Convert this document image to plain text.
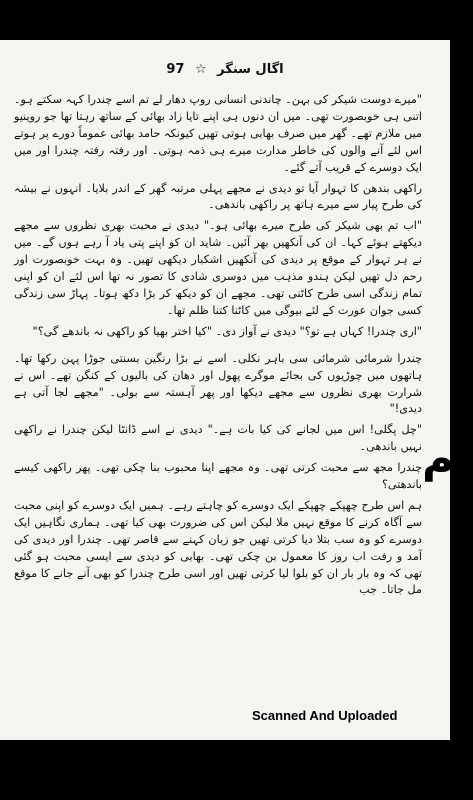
97 ☆ اگال سنگر

"میرے دوست شیکر کی بہن۔ چاندنی انسانی روپ دھار لے تم اسے چندرا کہہ سکتے ہو۔ اتنی ہی خوبصورت تھی۔ میں ان دنوں ہی اپنے تایا زاد بھائی کے ساتھ رہتا تھا جو روینیو میں ملازم تھے۔ گھر میں صرف بھابی ہوتی تھیں کیونکہ حامد بھائی عموماً دورے پر ہوتے اس لئے آنے والوں کی خاطر مدارت میرے ہی ذمہ ہوتی۔ اور رفتہ رفتہ چندرا اور میں ایک دوسرے کے قریب آتے گئے۔

راکھی بندھن کا تہوار آیا تو دیدی نے مجھے پہلی مرتبہ گھر کے اندر بلایا۔ انہوں نے بیشہ کی طرح پیار سے میرے ہاتھ پر راکھی باندھی۔

"اب تم بھی شیکر کی طرح میرے بھائی ہو۔" دیدی نے محبت بھری نظروں سے مجھے دیکھتے ہوئے کہا۔ ان کی آنکھیں بھر آئیں۔ شاید ان کو اپنے پتی یاد آ رہے ہوں گے۔ میں نے ہر تہوار کے موقع پر دیدی کی آنکھیں اشکبار دیکھی تھیں۔ وہ بہت خوبصورت اور رحم دل تھیں لیکن ہندو مذہب میں دوسری شادی کا تصور نہ تھا اس لئے ان کو اپنی تمام زندگی اسی طرح کاٹنی تھی۔ مجھے ان کو دیکھ کر بڑا دکھ ہوتا۔ پہاڑ سی زندگی کسی جوان عورت کے لئے بیوگی میں کاٹنا کتنا ظلم تھا۔

"اری چندرا! کہاں ہے تو؟" دیدی نے آواز دی۔ "کیا اختر بھیا کو راکھی نہ باندھے گی؟"

چندرا شرمائی شرمائی سی باہر نکلی۔ اسے نے بڑا رنگین بسنتی جوڑا پہن رکھا تھا۔ ہاتھوں میں چوڑیوں کی بجائے موگرے پھول اور دھان کی بالیوں کے کنگن تھے۔ اس نے شرارت بھری نظروں سے مجھے دیکھا اور پھر آہستہ سے بولی۔ "مجھے لجا آتی ہے دیدی!"

"چل پگلی! اس میں لجانے کی کیا بات ہے۔" دیدی نے اسے ڈانٹا لیکن چندرا نے راکھی نہیں باندھی۔

چندرا مجھ سے محبت کرتی تھی۔ وہ مجھے اپنا محبوب بنا چکی تھی۔ پھر راکھی کیسے باندھتی؟

ہم اس طرح چھپکے چھپکے ایک دوسرے کو چاہتے رہے۔ ہمیں ایک دوسرے کو اپنی محبت سے آگاہ کرنے کا موقع نہیں ملا لیکن اس کی ضرورت بھی کیا تھی۔ ہماری نگاہیں ایک دوسرے کو وہ سب بتلا دیا کرتی تھیں جو زبان کہنے سے قاصر تھی۔ چندرا اور دیدی کی آمد و رفت اب روز کا معمول بن چکی تھی۔ بھابی کو دیدی سے ایسی محبت ہو گئی تھی کہ وہ بار بار ان کو بلوا لیا کرتی تھیں اور اسی طرح چندرا کو بھی آنے جانے کا موقع مل جاتا۔ جب

یم
Scanned And Uploaded
